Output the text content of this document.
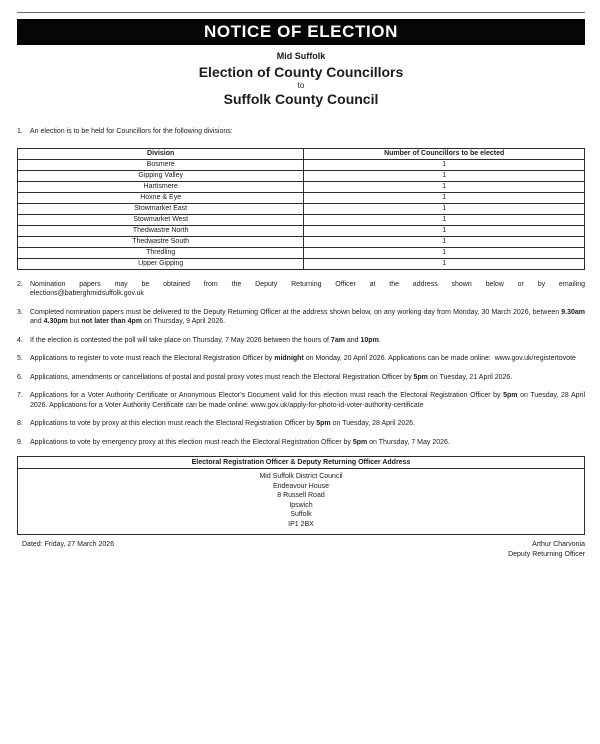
NOTICE OF ELECTION
Mid Suffolk
Election of County Councillors
to
Suffolk County Council
1.	An election is to be held for Councillors for the following divisions:
Division	Number of Councillors to be elected
Bosmere	1
Gipping Valley	1
Hartismere	1
Hoxne & Eye	1
Stowmarket East	1
Stowmarket West	1
Thedwastre North	1
Thedwastre South	1
Thredling	1
Upper Gipping	1
2.	Nomination papers may be obtained from the Deputy Returning Officer at the address shown below or by emailing
elections@baberghmidsuffolk.gov.uk
3.	Completed nomination papers must be delivered to the Deputy Returning Officer at the address shown below, on any working day from Monday, 30 March 2026, between 9.30am and 4.30pm but not later than 4pm on Thursday, 9 April 2026.
4.	If the election is contested the poll will take place on Thursday, 7 May 2026 between the hours of 7am and 10pm.
5.	Applications to register to vote must reach the Electoral Registration Officer by midnight on Monday, 20 April 2026. Applications can be made online:  www.gov.uk/registertovote
6.	Applications, amendments or cancellations of postal and postal proxy votes must reach the Electoral Registration Officer by 5pm on Tuesday, 21 April 2026.
7.	Applications for a Voter Authority Certificate or Anonymous Elector's Document valid for this election must reach the Electoral Registration Officer by 5pm on Tuesday, 28 April 2026. Applications for a Voter Authority Certificate can be made online: www.gov.uk/apply-for-photo-id-voter-authority-certificate
8.	Applications to vote by proxy at this election must reach the Electoral Registration Officer by 5pm on Tuesday, 28 April 2026.
9.	Applications to vote by emergency proxy at this election must reach the Electoral Registration Officer by 5pm on Thursday, 7 May 2026.
Electoral Registration Officer & Deputy Returning Officer Address
Mid Suffolk District Council
Endeavour House
8 Russell Road
Ipswich
Suffolk
IP1 2BX
Dated: Friday, 27 March 2026	Arthur Charvonia
Deputy Returning Officer
